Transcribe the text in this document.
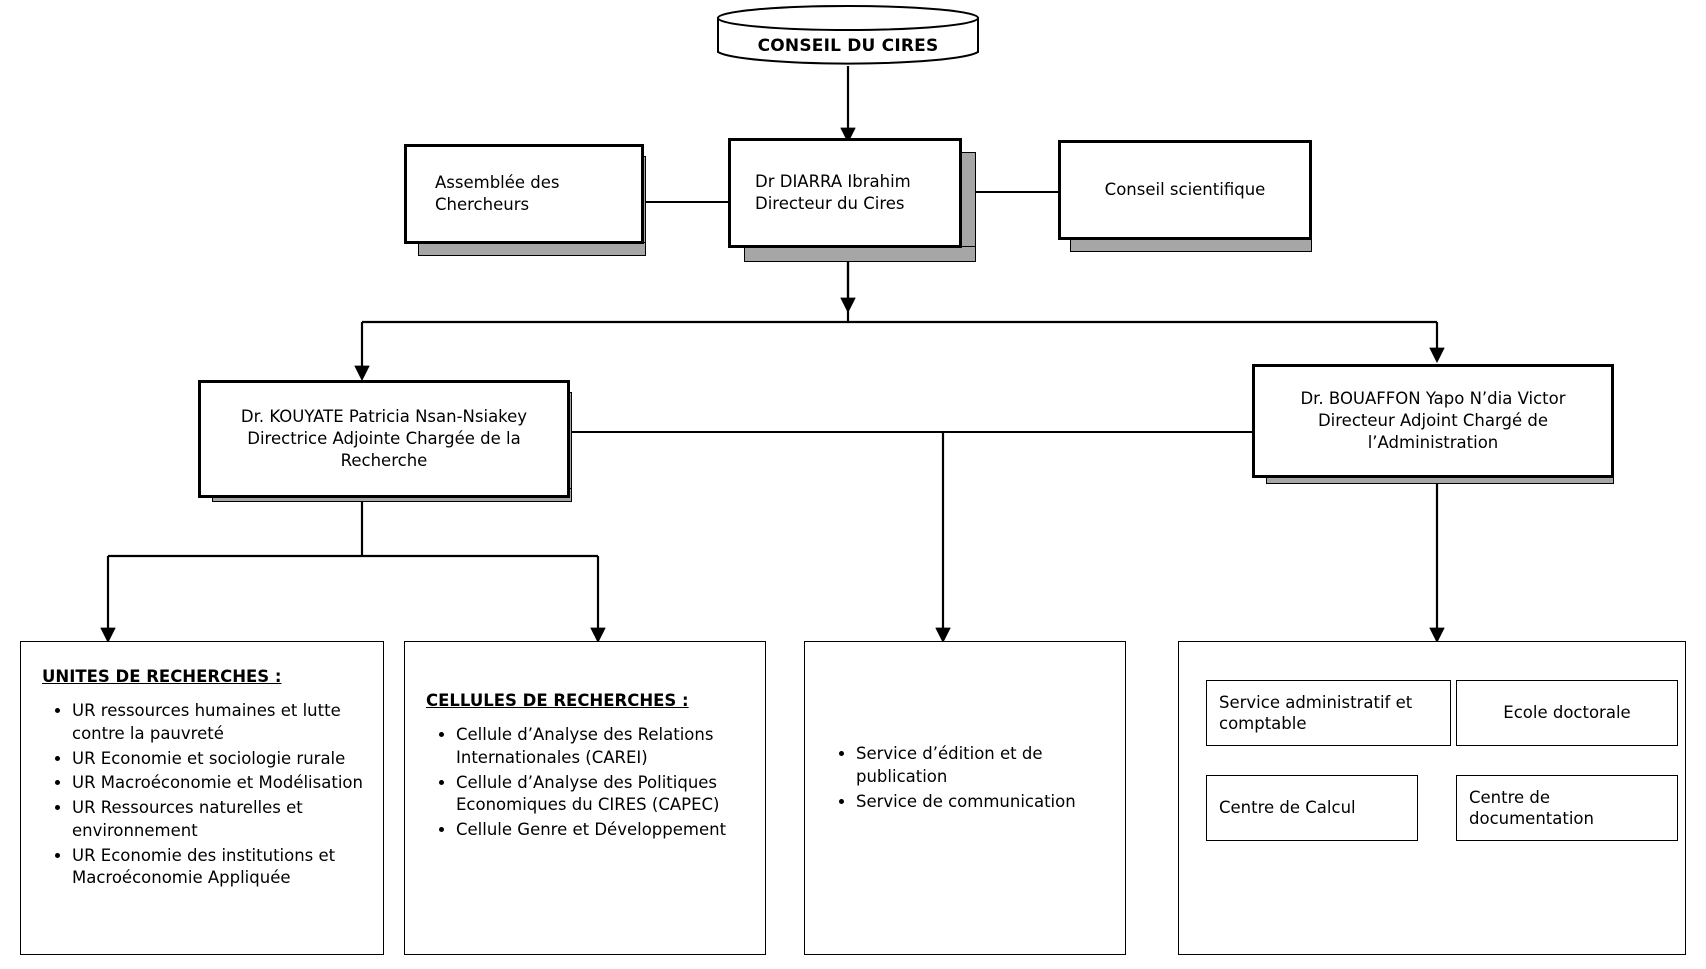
CONSEIL DU CIRES
Assemblée des
Chercheurs
Dr DIARRA Ibrahim
Directeur du Cires
Conseil scientifique
Dr. KOUYATE Patricia Nsan-Nsiakey
Directrice Adjointe Chargée de la
Recherche
Dr. BOUAFFON Yapo N’dia Victor
Directeur Adjoint Chargé de
l’Administration
UNITES DE RECHERCHES :
• UR ressources humaines et lutte contre la pauvreté
• UR Economie et sociologie rurale
• UR Macroéconomie et Modélisation
• UR Ressources naturelles et environnement
• UR Economie des institutions et Macroéconomie Appliquée
CELLULES DE RECHERCHES :
• Cellule d’Analyse des Relations Internationales (CAREI)
• Cellule d’Analyse des Politiques Economiques du CIRES (CAPEC)
• Cellule Genre et Développement
• Service d’édition et de publication
• Service de communication
Service administratif et comptable
Ecole doctorale
Centre de Calcul
Centre de documentation
